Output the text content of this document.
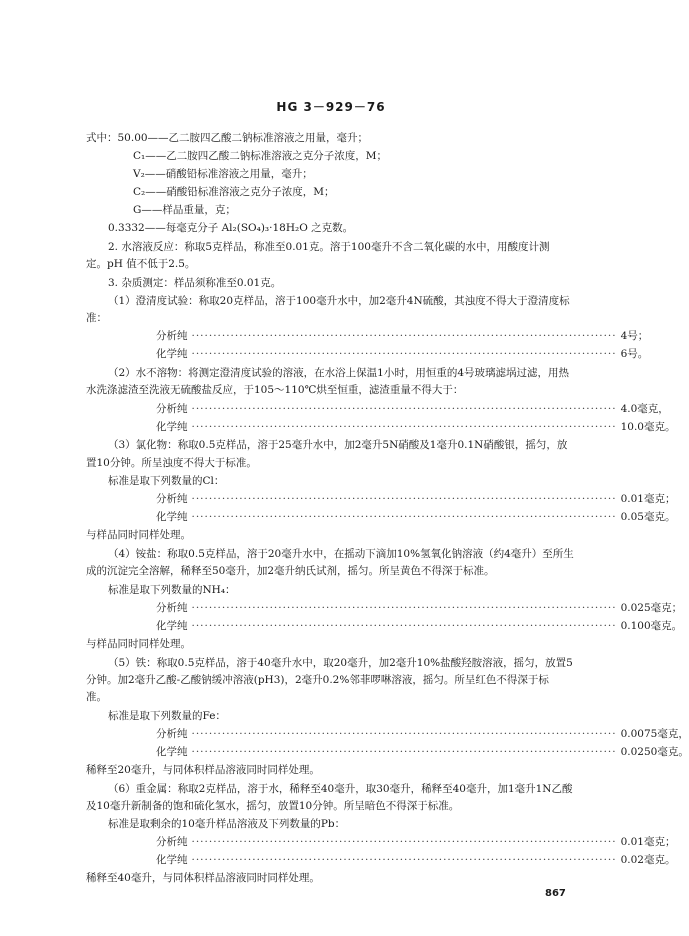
HG 3－929－76
式中：50.00——乙二胺四乙酸二钠标准溶液之用量，毫升；
C₁——乙二胺四乙酸二钠标准溶液之克分子浓度，M；
V₂——硝酸铅标准溶液之用量，毫升；
C₂——硝酸铅标准溶液之克分子浓度，M；
G——样品重量，克；
0.3332——每毫克分子 Al₂(SO₄)₃·18H₂O 之克数。
2. 水溶液反应：称取5克样品，称准至0.01克。溶于100毫升不含二氧化碳的水中，用酸度计测
定。pH 值不低于2.5。
3. 杂质测定：样品须称准至0.01克。
（1）澄清度试验：称取20克样品，溶于100毫升水中，加2毫升4N硫酸，其浊度不得大于澄清度标
准：
分析纯 ·································································································· 4号；
化学纯 ·································································································· 6号。
（2）水不溶物：将测定澄清度试验的溶液，在水浴上保温1小时，用恒重的4号玻璃滤埚过滤，用热
水洗涤滤渣至洗液无硫酸盐反应，于105～110℃烘至恒重，滤渣重量不得大于：
分析纯 ·································································································· 4.0毫克，
化学纯 ·································································································· 10.0毫克。
（3）氯化物：称取0.5克样品，溶于25毫升水中，加2毫升5N硝酸及1毫升0.1N硝酸银，摇匀，放
置10分钟。所呈浊度不得大于标准。
标准是取下列数量的Cl：
分析纯 ·································································································· 0.01毫克；
化学纯 ·································································································· 0.05毫克。
与样品同时同样处理。
（4）铵盐：称取0.5克样品，溶于20毫升水中，在摇动下滴加10%氢氧化钠溶液（约4毫升）至所生
成的沉淀完全溶解，稀释至50毫升，加2毫升纳氏试剂，摇匀。所呈黄色不得深于标准。
标准是取下列数量的NH₄：
分析纯 ·································································································· 0.025毫克；
化学纯 ·································································································· 0.100毫克。
与样品同时同样处理。
（5）铁：称取0.5克样品，溶于40毫升水中，取20毫升，加2毫升10%盐酸羟胺溶液，摇匀，放置5
分钟。加2毫升乙酸-乙酸钠缓冲溶液(pH3)，2毫升0.2%邻菲啰啉溶液，摇匀。所呈红色不得深于标
准。
标准是取下列数量的Fe：
分析纯 ·································································································· 0.0075毫克，
化学纯 ·································································································· 0.0250毫克。
稀释至20毫升，与同体积样品溶液同时同样处理。
（6）重金属：称取2克样品，溶于水，稀释至40毫升，取30毫升，稀释至40毫升，加1毫升1N乙酸
及10毫升新制备的饱和硫化氢水，摇匀，放置10分钟。所呈暗色不得深于标准。
标准是取剩余的10毫升样品溶液及下列数量的Pb：
分析纯 ·································································································· 0.01毫克；
化学纯 ·································································································· 0.02毫克。
稀释至40毫升，与同体积样品溶液同时同样处理。
867
